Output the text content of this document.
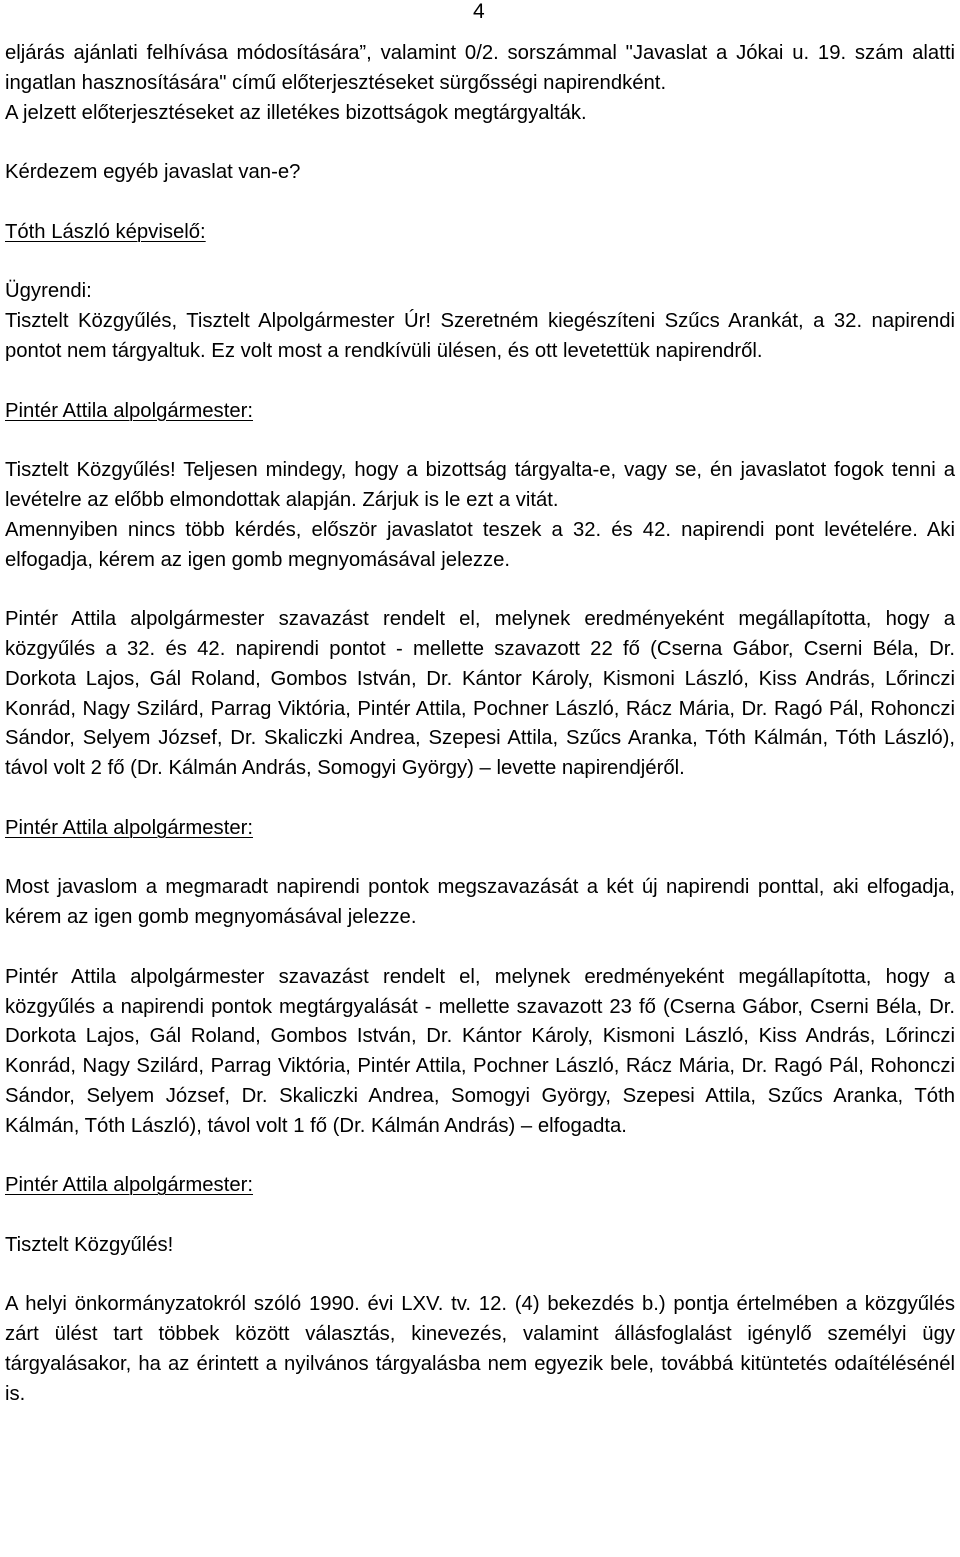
4

eljárás ajánlati felhívása módosítására”, valamint 0/2. sorszámmal "Javaslat a Jókai u. 19. szám alatti ingatlan hasznosítására" című előterjesztéseket sürgősségi napirendként.

A jelzett előterjesztéseket az illetékes bizottságok megtárgyalták.

Kérdezem egyéb javaslat van-e?

Tóth László képviselő:

Ügyrendi:

Tisztelt Közgyűlés, Tisztelt Alpolgármester Úr! Szeretném kiegészíteni Szűcs Arankát, a 32. napirendi pontot nem tárgyaltuk. Ez volt most a rendkívüli ülésen, és ott levetettük napirendről.

Pintér Attila alpolgármester:

Tisztelt Közgyűlés! Teljesen mindegy, hogy a bizottság tárgyalta-e, vagy se, én javaslatot fogok tenni a levételre az előbb elmondottak alapján. Zárjuk is le ezt a vitát.

Amennyiben nincs több kérdés, először javaslatot teszek a 32. és 42. napirendi pont levételére. Aki elfogadja, kérem az igen gomb megnyomásával jelezze.

Pintér Attila alpolgármester szavazást rendelt el, melynek eredményeként megállapította, hogy a közgyűlés a 32. és 42. napirendi pontot - mellette szavazott 22 fő (Cserna Gábor, Cserni Béla, Dr. Dorkota Lajos, Gál Roland, Gombos István, Dr. Kántor Károly, Kismoni László, Kiss András, Lőrinczi Konrád, Nagy Szilárd, Parrag Viktória, Pintér Attila, Pochner László, Rácz Mária, Dr. Ragó Pál, Rohonczi Sándor, Selyem József, Dr. Skaliczki Andrea, Szepesi Attila, Szűcs Aranka, Tóth Kálmán, Tóth László), távol volt 2 fő (Dr. Kálmán András, Somogyi György) – levette napirendjéről.

Pintér Attila alpolgármester:

Most javaslom a megmaradt napirendi pontok megszavazását a két új napirendi ponttal, aki elfogadja, kérem az igen gomb megnyomásával jelezze.

Pintér Attila alpolgármester szavazást rendelt el, melynek eredményeként megállapította, hogy a közgyűlés a napirendi pontok megtárgyalását - mellette szavazott 23 fő (Cserna Gábor, Cserni Béla, Dr. Dorkota Lajos, Gál Roland, Gombos István, Dr. Kántor Károly, Kismoni László, Kiss András, Lőrinczi Konrád, Nagy Szilárd, Parrag Viktória, Pintér Attila, Pochner László, Rácz Mária, Dr. Ragó Pál, Rohonczi Sándor, Selyem József, Dr. Skaliczki Andrea, Somogyi György, Szepesi Attila, Szűcs Aranka, Tóth Kálmán, Tóth László), távol volt 1 fő (Dr. Kálmán András) – elfogadta.

Pintér Attila alpolgármester:

Tisztelt Közgyűlés!

A helyi önkormányzatokról szóló 1990. évi LXV. tv. 12. (4) bekezdés b.) pontja értelmében a közgyűlés zárt ülést tart többek között választás, kinevezés, valamint állásfoglalást igénylő személyi ügy tárgyalásakor, ha az érintett a nyilvános tárgyalásba nem egyezik bele, továbbá kitüntetés odaítélésénél is.
